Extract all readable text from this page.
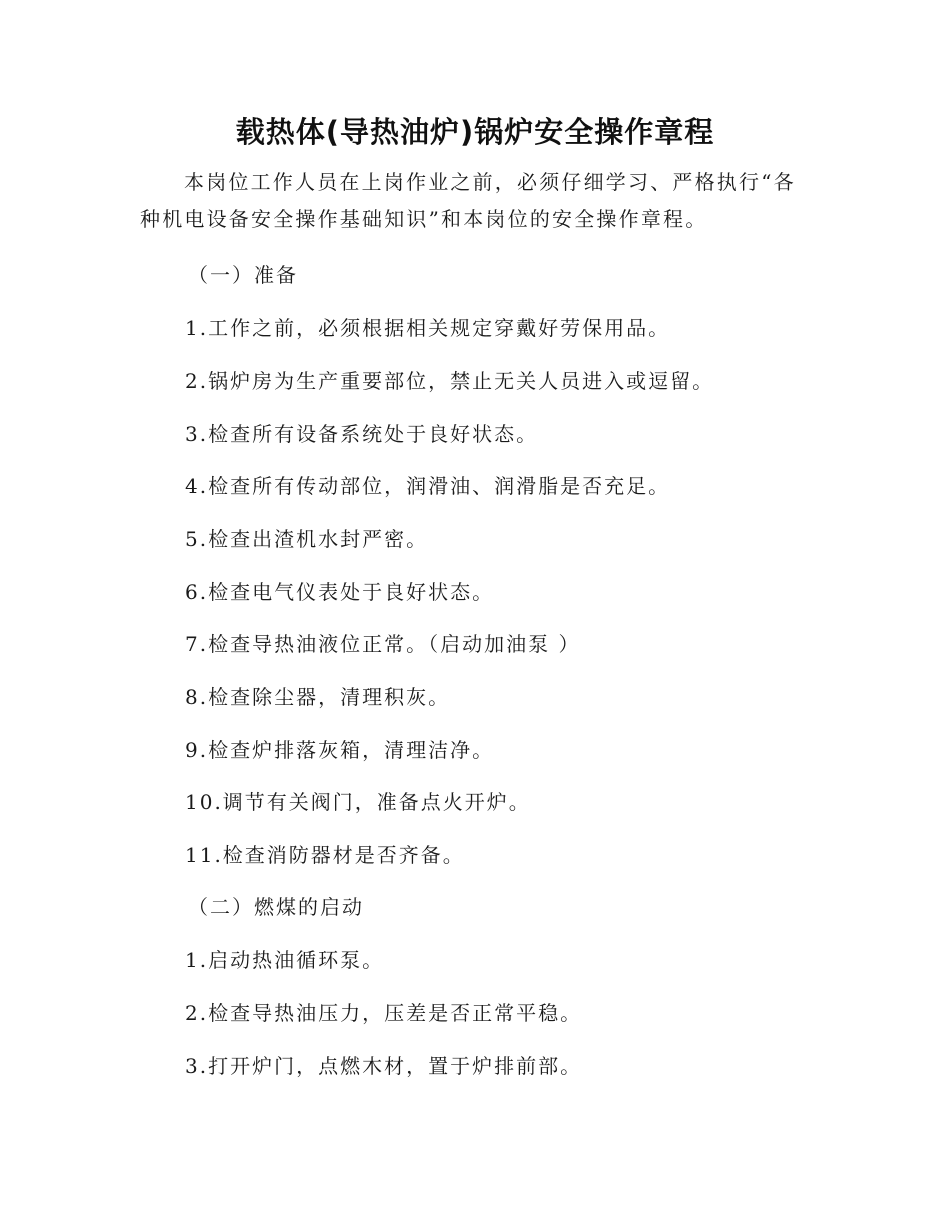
载热体(导热油炉)锅炉安全操作章程

本岗位工作人员在上岗作业之前，必须仔细学习、严格执行“各种机电设备安全操作基础知识”和本岗位的安全操作章程。

（一）准备

1.工作之前，必须根据相关规定穿戴好劳保用品。

2.锅炉房为生产重要部位，禁止无关人员进入或逗留。

3.检查所有设备系统处于良好状态。

4.检查所有传动部位，润滑油、润滑脂是否充足。

5.检查出渣机水封严密。

6.检查电气仪表处于良好状态。

7.检查导热油液位正常。（启动加油泵 ）

8.检查除尘器，清理积灰。

9.检查炉排落灰箱，清理洁净。

10.调节有关阀门，准备点火开炉。

11.检查消防器材是否齐备。

（二）燃煤的启动

1.启动热油循环泵。

2.检查导热油压力，压差是否正常平稳。

3.打开炉门，点燃木材，置于炉排前部。
